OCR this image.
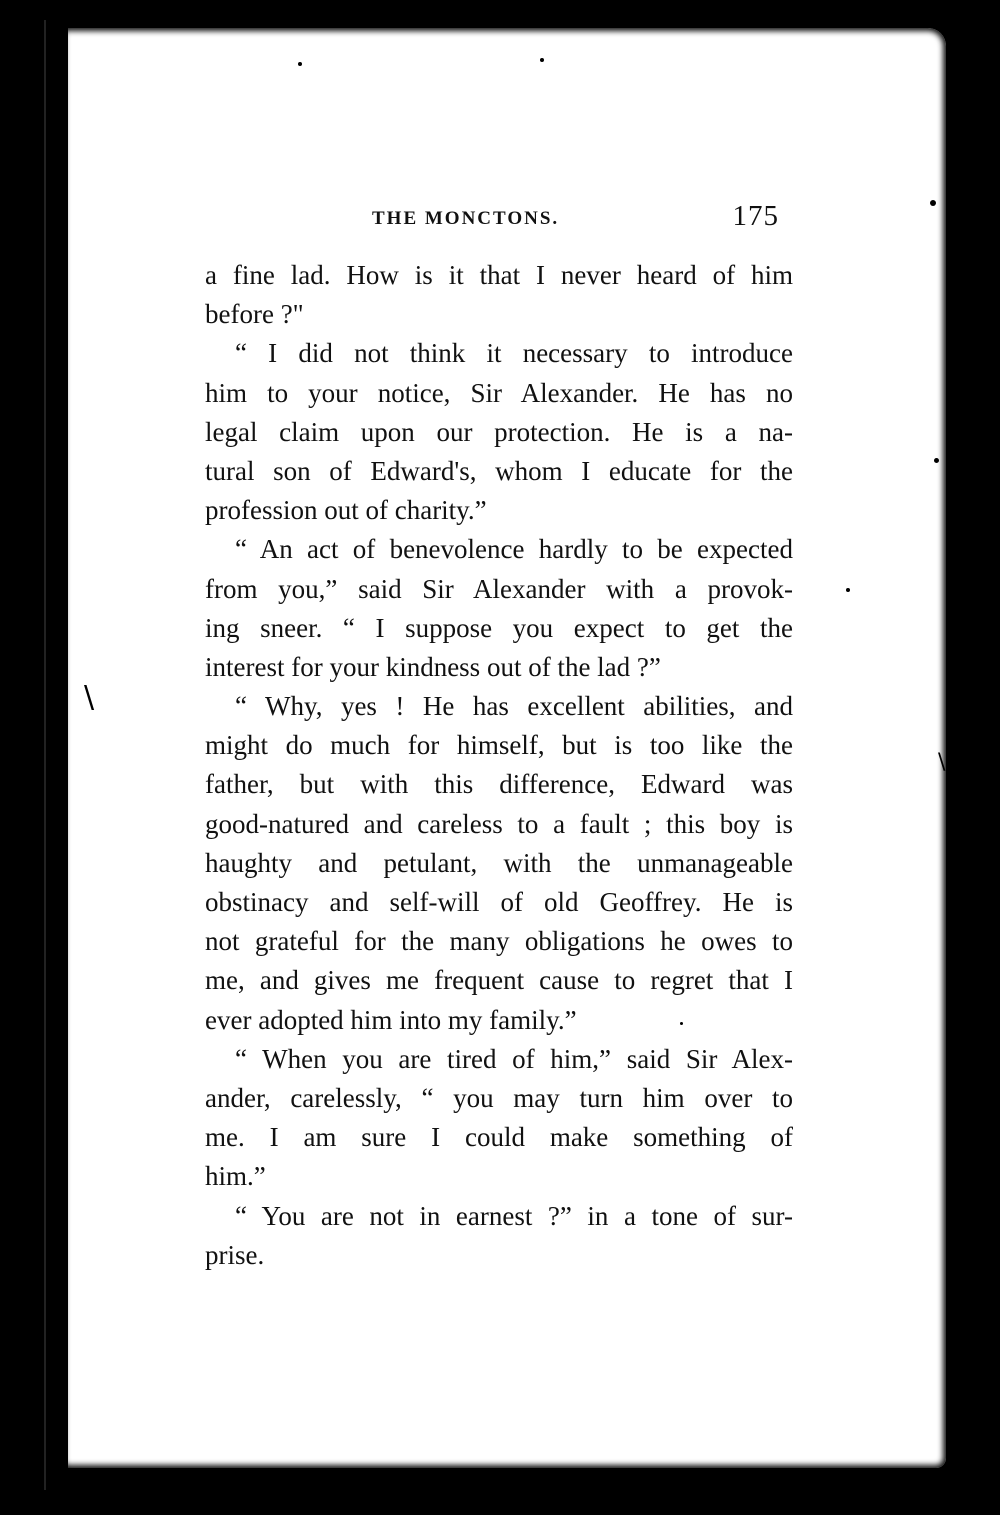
\
\
THE MONCTONS.	175
a fine lad. How is it that I never heard of him
before ?"
“ I did not think it necessary to introduce
him to your notice, Sir Alexander. He has no
legal claim upon our protection. He is a na-
tural son of Edward's, whom I educate for the
profession out of charity.”
“ An act of benevolence hardly to be expected
from you,” said Sir Alexander with a provok-
ing sneer. “ I suppose you expect to get the
interest for your kindness out of the lad ?”
“ Why, yes ! He has excellent abilities, and
might do much for himself, but is too like the
father, but with this difference, Edward was
good-natured and careless to a fault ; this boy is
haughty and petulant, with the unmanageable
obstinacy and self-will of old Geoffrey. He is
not grateful for the many obligations he owes to
me, and gives me frequent cause to regret that I
ever adopted him into my family.”
“ When you are tired of him,” said Sir Alex-
ander, carelessly, “ you may turn him over to
me. I am sure I could make something of
him.”
“ You are not in earnest ?” in a tone of sur-
prise.
